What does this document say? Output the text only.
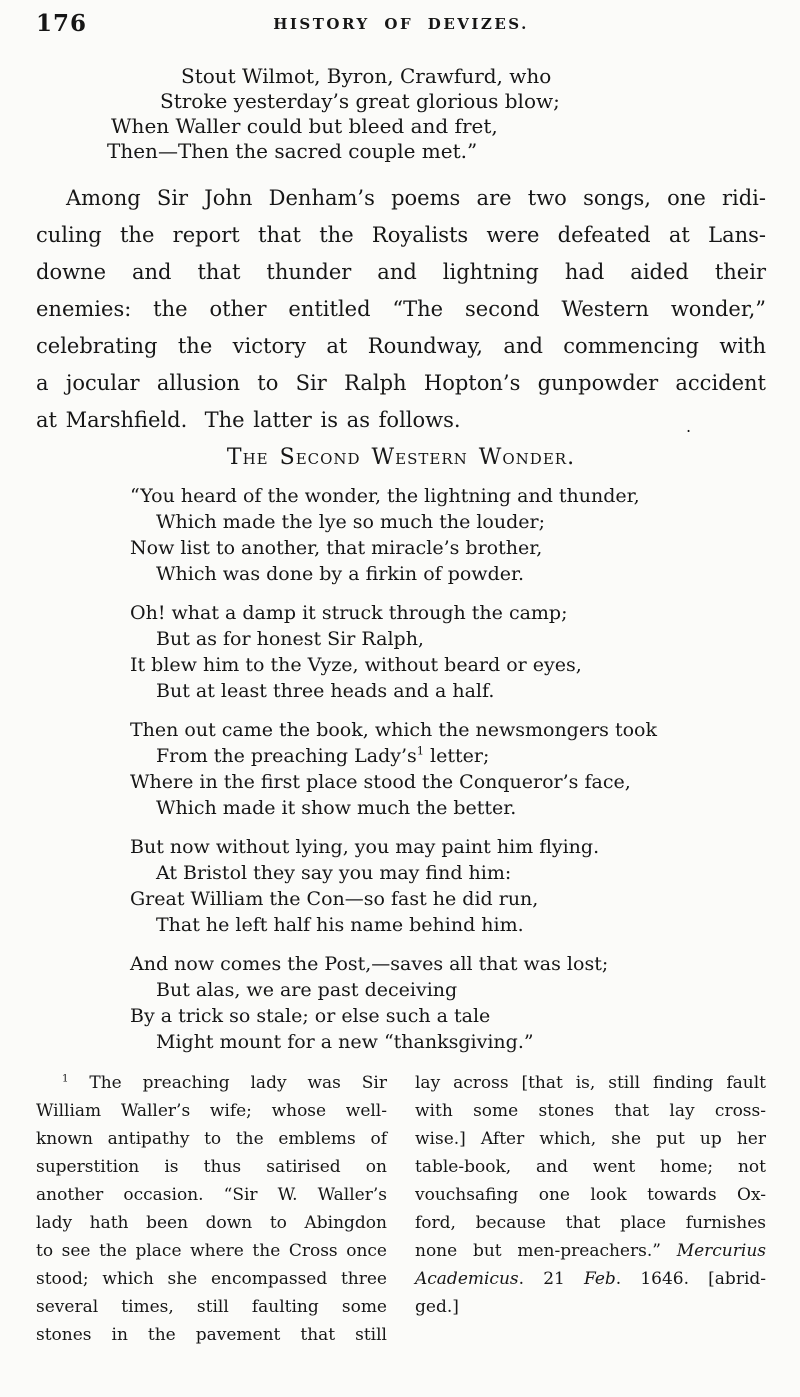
176	HISTORY OF DEVIZES.
Stout Wilmot, Byron, Crawfurd, who
Stroke yesterday’s great glorious blow;
When Waller could but bleed and fret,
Then—Then the sacred couple met.”
Among Sir John Denham’s poems are two songs, one ridi-
culing the report that the Royalists were defeated at Lans-
downe and that thunder and lightning had aided their
enemies: the other entitled “The second Western wonder,”
celebrating the victory at Roundway, and commencing with
a jocular allusion to Sir Ralph Hopton’s gunpowder accident
at Marshfield.  The latter is as follows.
The Second Western Wonder.
.
“You heard of the wonder, the lightning and thunder,
Which made the lye so much the louder;
Now list to another, that miracle’s brother,
Which was done by a firkin of powder.
Oh! what a damp it struck through the camp;
But as for honest Sir Ralph,
It blew him to the Vyze, without beard or eyes,
But at least three heads and a half.
Then out came the book, which the newsmongers took
From the preaching $Lady’s^1$ letter;
Where in the first place stood the Conqueror’s face,
Which made it show much the better.
But now without lying, you may paint him flying.
At Bristol they say you may find him:
Great William the Con—so fast he did run,
That he left half his name behind him.
And now comes the Post,—saves all that was lost;
But alas, we are past deceiving
By a trick so stale; or else such a tale
Might mount for a new “thanksgiving.”
$^1$ The preaching lady was Sir
William Waller’s wife; whose well-
known antipathy to the emblems of
superstition is thus satirised on
another occasion. “Sir W. Waller’s
lady hath been down to Abingdon
to see the place where the Cross once
stood; which she encompassed three
several times, still faulting some
stones in the pavement that still
lay across [that is, still finding fault
with some stones that lay cross-
wise.] After which, she put up her
table-book, and went home; not
vouchsafing one look towards Ox-
ford, because that place furnishes
none but men-preachers.” Mercurius
Academicus. 21 Feb. 1646. [abrid-
ged.]
